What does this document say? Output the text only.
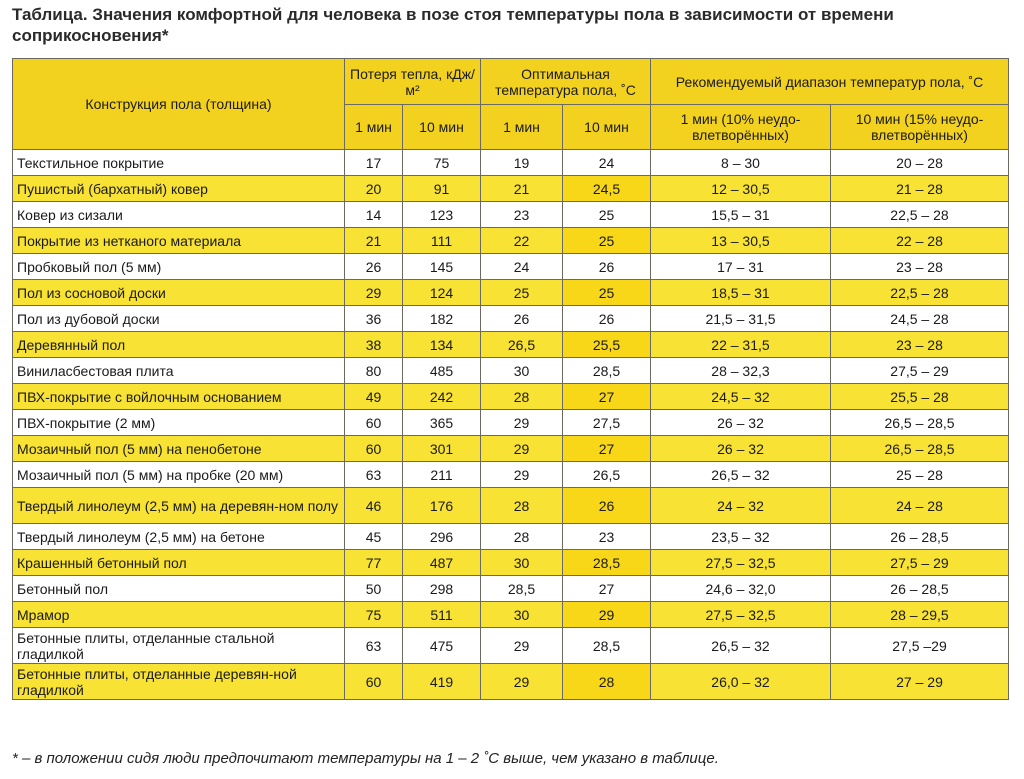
Таблица. Значения комфортной для человека в позе стоя температуры пола в зависимости от времени соприкосновения*
Конструкция пола (толщина)	Потеря тепла, кДж/м²		Оптимальная температура пола, ˚С		Рекомендуемый диапазон температур пола, ˚С	
	1 мин	10 мин	1 мин	10 мин	1 мин (10% неудо-влетворённых)	10 мин (15% неудо-влетворённых)
Текстильное покрытие	17	75	19	24	8 – 30	20 – 28
Пушистый (бархатный) ковер	20	91	21	24,5	12 – 30,5	21 – 28
Ковер из сизали	14	123	23	25	15,5 – 31	22,5 – 28
Покрытие из нетканого материала	21	111	22	25	13 – 30,5	22 – 28
Пробковый пол (5 мм)	26	145	24	26	17 – 31	23 – 28
Пол из сосновой доски	29	124	25	25	18,5 – 31	22,5 – 28
Пол из дубовой доски	36	182	26	26	21,5 – 31,5	24,5 – 28
Деревянный пол	38	134	26,5	25,5	22 – 31,5	23 – 28
Виниласбестовая плита	80	485	30	28,5	28 – 32,3	27,5 – 29
ПВХ-покрытие с войлочным основанием	49	242	28	27	24,5 – 32	25,5 – 28
ПВХ-покрытие (2 мм)	60	365	29	27,5	26 – 32	26,5 – 28,5
Мозаичный пол (5 мм) на пенобетоне	60	301	29	27	26 – 32	26,5 – 28,5
Мозаичный пол (5 мм) на пробке (20 мм)	63	211	29	26,5	26,5 – 32	25 – 28
Твердый линолеум (2,5 мм) на деревян-ном полу	46	176	28	26	24 – 32	24 – 28
Твердый линолеум (2,5 мм) на бетоне	45	296	28	23	23,5 – 32	26 – 28,5
Крашенный бетонный пол	77	487	30	28,5	27,5 – 32,5	27,5 – 29
Бетонный пол	50	298	28,5	27	24,6 – 32,0	26 – 28,5
Мрамор	75	511	30	29	27,5 – 32,5	28 – 29,5
Бетонные плиты, отделанные стальной гладилкой	63	475	29	28,5	26,5 – 32	27,5 –29
Бетонные плиты, отделанные деревян-ной гладилкой	60	419	29	28	26,0 – 32	27 – 29
* – в положении сидя люди предпочитают температуры на 1 – 2 ˚С выше, чем указано в таблице.
